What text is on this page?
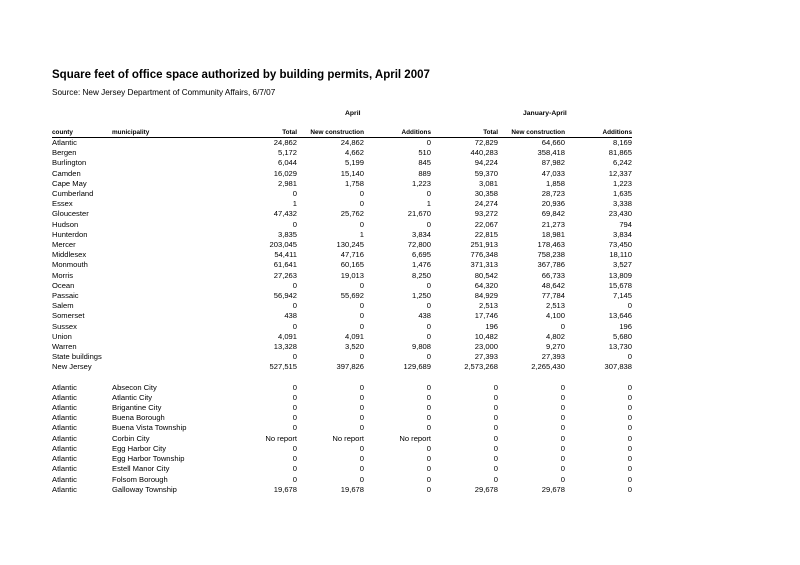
Square feet of office space authorized by building permits, April 2007
Source: New Jersey Department of Community Affairs, 6/7/07
April	January-April
county	municipality	Total	New construction	Additions	Total	New construction	Additions
Atlantic		24,862	24,862	0	72,829	64,660	8,169
Bergen		5,172	4,662	510	440,283	358,418	81,865
Burlington		6,044	5,199	845	94,224	87,982	6,242
Camden		16,029	15,140	889	59,370	47,033	12,337
Cape May		2,981	1,758	1,223	3,081	1,858	1,223
Cumberland		0	0	0	30,358	28,723	1,635
Essex		1	0	1	24,274	20,936	3,338
Gloucester		47,432	25,762	21,670	93,272	69,842	23,430
Hudson		0	0	0	22,067	21,273	794
Hunterdon		3,835	1	3,834	22,815	18,981	3,834
Mercer		203,045	130,245	72,800	251,913	178,463	73,450
Middlesex		54,411	47,716	6,695	776,348	758,238	18,110
Monmouth		61,641	60,165	1,476	371,313	367,786	3,527
Morris		27,263	19,013	8,250	80,542	66,733	13,809
Ocean		0	0	0	64,320	48,642	15,678
Passaic		56,942	55,692	1,250	84,929	77,784	7,145
Salem		0	0	0	2,513	2,513	0
Somerset		438	0	438	17,746	4,100	13,646
Sussex		0	0	0	196	0	196
Union		4,091	4,091	0	10,482	4,802	5,680
Warren		13,328	3,520	9,808	23,000	9,270	13,730
State buildings		0	0	0	27,393	27,393	0
New Jersey		527,515	397,826	129,689	2,573,268	2,265,430	307,838

Atlantic	Absecon City	0	0	0	0	0	0
Atlantic	Atlantic City	0	0	0	0	0	0
Atlantic	Brigantine City	0	0	0	0	0	0
Atlantic	Buena Borough	0	0	0	0	0	0
Atlantic	Buena Vista Township	0	0	0	0	0	0
Atlantic	Corbin City	No report	No report	No report	0	0	0
Atlantic	Egg Harbor City	0	0	0	0	0	0
Atlantic	Egg Harbor Township	0	0	0	0	0	0
Atlantic	Estell Manor City	0	0	0	0	0	0
Atlantic	Folsom Borough	0	0	0	0	0	0
Atlantic	Galloway Township	19,678	19,678	0	29,678	29,678	0
